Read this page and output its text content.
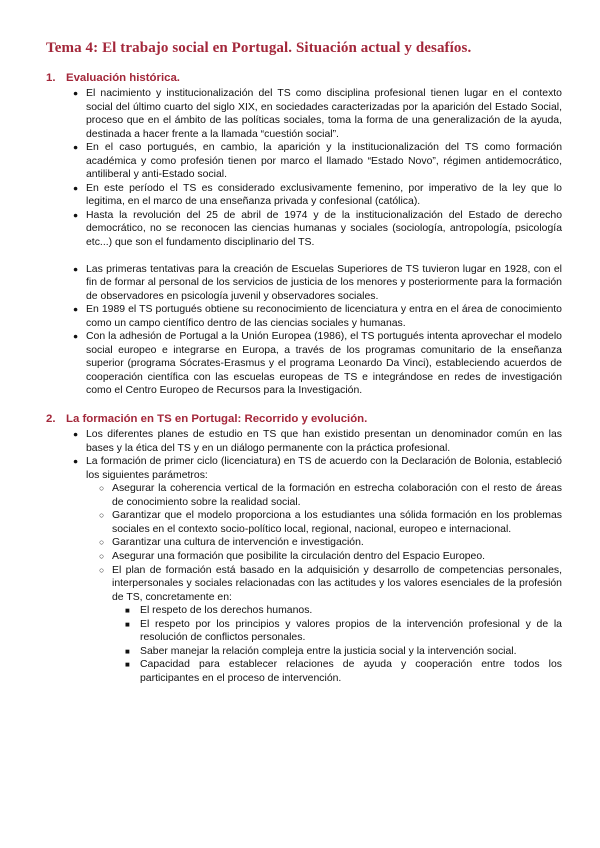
Tema 4: El trabajo social en Portugal. Situación actual y desafíos.
1. Evaluación histórica.
● El nacimiento y institucionalización del TS como disciplina profesional tienen lugar en el contexto social del último cuarto del siglo XIX, en sociedades caracterizadas por la aparición del Estado Social, proceso que en el ámbito de las políticas sociales, toma la forma de una generalización de la ayuda, destinada a hacer frente a la llamada “cuestión social”.
● En el caso portugués, en cambio, la aparición y la institucionalización del TS como formación académica y como profesión tienen por marco el llamado “Estado Novo”, régimen antidemocrático, antiliberal y anti-Estado social.
● En este período el TS es considerado exclusivamente femenino, por imperativo de la ley que lo legitima, en el marco de una enseñanza privada y confesional (católica).
● Hasta la revolución del 25 de abril de 1974 y de la institucionalización del Estado de derecho democrático, no se reconocen las ciencias humanas y sociales (sociología, antropología, psicología etc...) que son el fundamento disciplinario del TS.
● Las primeras tentativas para la creación de Escuelas Superiores de TS tuvieron lugar en 1928, con el fin de formar al personal de los servicios de justicia de los menores y posteriormente para la formación de observadores en psicología juvenil y observadores sociales.
● En 1989 el TS portugués obtiene su reconocimiento de licenciatura y entra en el área de conocimiento como un campo científico dentro de las ciencias sociales y humanas.
● Con la adhesión de Portugal a la Unión Europea (1986), el TS portugués intenta aprovechar el modelo social europeo e integrarse en Europa, a través de los programas comunitario de la enseñanza superior (programa Sócrates-Erasmus y el programa Leonardo Da Vinci), estableciendo acuerdos de cooperación científica con las escuelas europeas de TS e integrándose en redes de investigación como el Centro Europeo de Recursos para la Investigación.
2. La formación en TS en Portugal: Recorrido y evolución.
● Los diferentes planes de estudio en TS que han existido presentan un denominador común en las bases y la ética del TS y en un diálogo permanente con la práctica profesional.
● La formación de primer ciclo (licenciatura) en TS de acuerdo con la Declaración de Bolonia, estableció los siguientes parámetros:
○ Asegurar la coherencia vertical de la formación en estrecha colaboración con el resto de áreas de conocimiento sobre la realidad social.
○ Garantizar que el modelo proporciona a los estudiantes una sólida formación en los problemas sociales en el contexto socio-político local, regional, nacional, europeo e internacional.
○ Garantizar una cultura de intervención e investigación.
○ Asegurar una formación que posibilite la circulación dentro del Espacio Europeo.
○ El plan de formación está basado en la adquisición y desarrollo de competencias personales, interpersonales y sociales relacionadas con las actitudes y los valores esenciales de la profesión de TS, concretamente en:
■ El respeto de los derechos humanos.
■ El respeto por los principios y valores propios de la intervención profesional y de la resolución de conflictos personales.
■ Saber manejar la relación compleja entre la justicia social y la intervención social.
■ Capacidad para establecer relaciones de ayuda y cooperación entre todos los participantes en el proceso de intervención.
